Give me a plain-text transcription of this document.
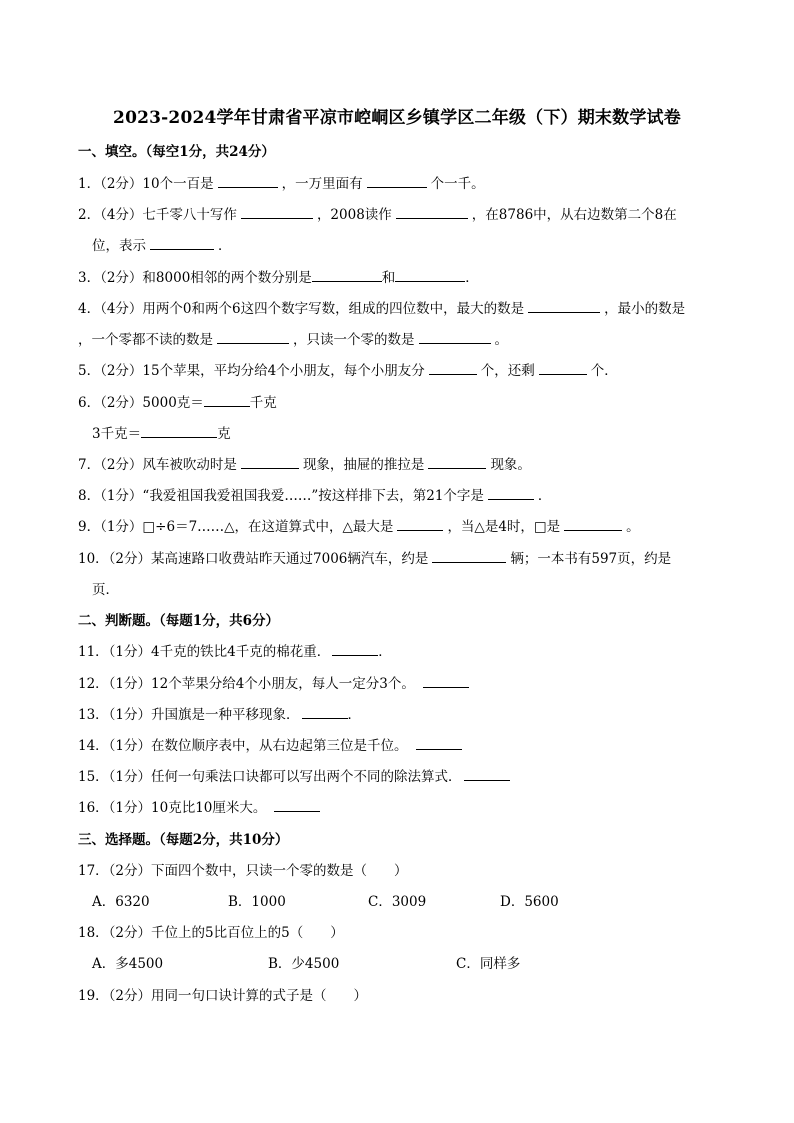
2023-2024学年甘肃省平凉市崆峒区乡镇学区二年级（下）期末数学试卷
一、填空。（每空1分，共24分）
1．（2分）10个一百是	，一万里面有	个一千。
2．（4分）七千零八十写作	，2008读作	，在8786中，从右边数第二个8在
位，表示	．
3．（2分）和8000相邻的两个数分别是	和	．
4．（4分）用两个0和两个6这四个数字写数，组成的四位数中，最大的数是	，最小的数是
，一个零都不读的数是	，只读一个零的数是	。
5．（2分）15个苹果，平均分给4个小朋友，每个小朋友分	个，还剩	个．
6．（2分）5000克＝	千克
3千克＝	克
7．（2分）风车被吹动时是	现象，抽屉的推拉是	现象。
8．（1分）“我爱祖国我爱祖国我爱……”按这样排下去，第21个字是	．
9．（1分）□÷6＝7……△，在这道算式中，△最大是	，当△是4时，□是	。
10．（2分）某高速路口收费站昨天通过7006辆汽车，约是	辆；一本书有597页，约是
页．
二、判断题。（每题1分，共6分）
11．（1分）4千克的铁比4千克的棉花重．	．
12．（1分）12个苹果分给4个小朋友，每人一定分3个。
13．（1分）升国旗是一种平移现象．	．
14．（1分）在数位顺序表中，从右边起第三位是千位。
15．（1分）任何一句乘法口诀都可以写出两个不同的除法算式．
16．（1分）10克比10厘米大。
三、选择题。（每题2分，共10分）
17．（2分）下面四个数中，只读一个零的数是（　　）
A．6320	B．1000	C．3009	D．5600
18．（2分）千位上的5比百位上的5（　　）
A．多4500	B．少4500	C．同样多
19．（2分）用同一句口诀计算的式子是（　　）
